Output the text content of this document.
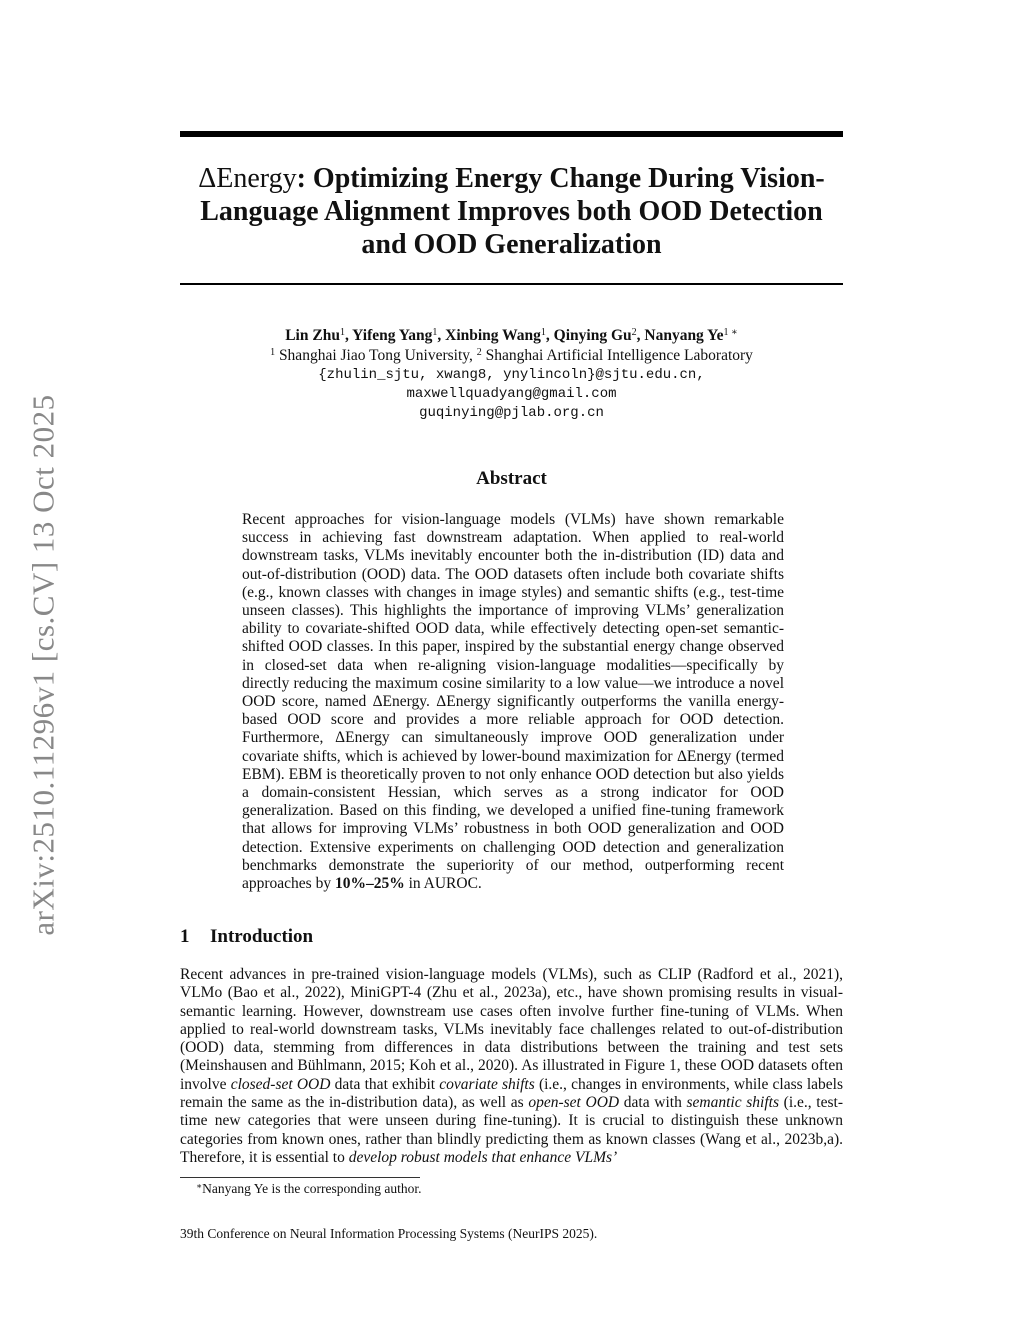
arXiv:2510.11296v1 [cs.CV] 13 Oct 2025
ΔEnergy: Optimizing Energy Change During Vision-Language Alignment Improves both OOD Detection and OOD Generalization
Lin Zhu$^1$, Yifeng Yang$^1$, Xinbing Wang$^1$, Qinying Gu$^2$, Nanyang $Ye^{1 ∗}$
$^1$ Shanghai Jiao Tong University, $^2$ Shanghai Artificial Intelligence Laboratory
{zhulin_sjtu, xwang8, ynylincoln}@sjtu.edu.cn,
maxwellquadyang@gmail.com
guqinying@pjlab.org.cn
Abstract

Recent approaches for vision-language models (VLMs) have shown remarkable success in achieving fast downstream adaptation. When applied to real-world downstream tasks, VLMs inevitably encounter both the in-distribution (ID) data and out-of-distribution (OOD) data. The OOD datasets often include both covariate shifts (e.g., known classes with changes in image styles) and semantic shifts (e.g., test-time unseen classes). This highlights the importance of improving VLMs’ generalization ability to covariate-shifted OOD data, while effectively detecting open-set semantic-shifted OOD classes. In this paper, inspired by the substantial energy change observed in closed-set data when re-aligning vision-language modalities—specifically by directly reducing the maximum cosine similarity to a low value—we introduce a novel OOD score, named ΔEnergy. ΔEnergy significantly outperforms the vanilla energy-based OOD score and provides a more reliable approach for OOD detection. Furthermore, ΔEnergy can simultaneously improve OOD generalization under covariate shifts, which is achieved by lower-bound maximization for ΔEnergy (termed EBM). EBM is theoretically proven to not only enhance OOD detection but also yields a domain-consistent Hessian, which serves as a strong indicator for OOD generalization. Based on this finding, we developed a unified fine-tuning framework that allows for improving VLMs’ robustness in both OOD generalization and OOD detection. Extensive experiments on challenging OOD detection and generalization benchmarks demonstrate the superiority of our method, outperforming recent approaches by 10%–25% in AUROC.

1 Introduction

Recent advances in pre-trained vision-language models (VLMs), such as CLIP (Radford et al., 2021), VLMo (Bao et al., 2022), MiniGPT-4 (Zhu et al., 2023a), etc., have shown promising results in visual-semantic learning. However, downstream use cases often involve further fine-tuning of VLMs. When applied to real-world downstream tasks, VLMs inevitably face challenges related to out-of-distribution (OOD) data, stemming from differences in data distributions between the training and test sets (Meinshausen and Bühlmann, 2015; Koh et al., 2020). As illustrated in Figure 1, these OOD datasets often involve closed-set OOD data that exhibit covariate shifts (i.e., changes in environments, while class labels remain the same as the in-distribution data), as well as open-set OOD data with semantic shifts (i.e., test-time new categories that were unseen during fine-tuning). It is crucial to distinguish these unknown categories from known ones, rather than blindly predicting them as known classes (Wang et al., 2023b,a). Therefore, it is essential to develop robust models that enhance VLMs’

∗Nanyang Ye is the corresponding author.

39th Conference on Neural Information Processing Systems (NeurIPS 2025).
